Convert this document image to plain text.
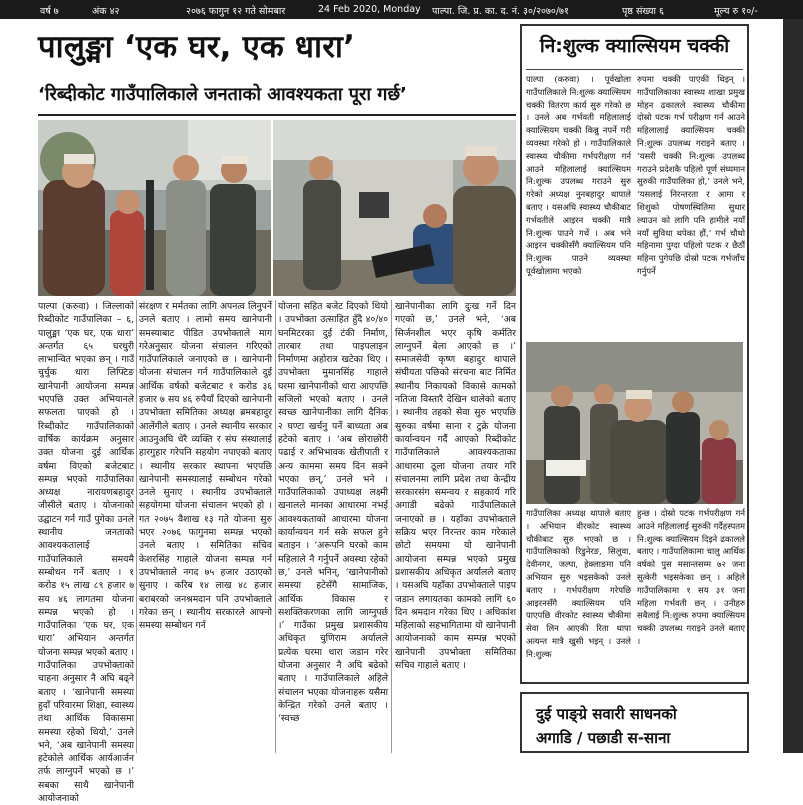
वर्ष ७	अंक ४२	२०७६ फागुन १२ गते सोमबार	24 Feb 2020, Monday पाल्पा. जि. प्र. का. द. नं. ३०/२०७०/७१	पृष्ठ संख्या ६	मूल्य रु १०/-
पालुङ्मा ‘एक घर, एक धारा’
‘रिब्दीकोट गाउँपालिकाले जनताको आवश्यकता पूरा गर्छ’
पाल्पा (करुवा) । जिल्लाको रिब्दीकोट गाउँपालिका – ६, पालुङ्मा ‘एक घर, एक धारा’ अन्तर्गत ६५ घरधुरी लाभान्वित भएका छन् । गाउँ चुर्चुक धारा लिफ्टिङ खानेपानी आयोजना सम्पन्न भएपछि उक्त अभियानले सफलता पाएको हो । रिब्दीकोट गाउँपालिकाको वार्षिक कार्यक्रम अनुसार उक्त योजना दुई आर्थिक वर्षमा विएको बजेटबाट सम्पन्न भएको गाउँपालिका अध्यक्ष नारायणबहादुर जीसीले बताए । योजनाको उद्घाटन गर्न गाउँ पुगेका उनले स्थानीय जनताको आवश्यकतालाई गाउँपालिकाले समयमै सम्बोधन गर्ने बताए । १ करोड १५ लाख ८९ हजार ७ सय ४६ लागतमा योजना सम्पन्न भएको हो । गाउँपालिका ‘एक घर, एक धारा’ अभियान अन्तर्गत योजना सम्पन्न भएको बताए । गाउँपालिका उपभोक्ताको चाहना अनुसार नै अघि बढ्ने बताए । ‘खानेपानी समस्या हुदाँ परिवारमा शिक्षा, स्वास्थ्य तथा आर्थिक विकासमा समस्या रहेको थियो,’ उनले भने, ‘अब खानेपानी समस्या हटेकोले आर्थिक आर्यआर्जन तर्फ लाग्नुपर्ने भएको छ ।’ सबका साथै खानेपानी आयोजनाको
संरक्षण र मर्मतका लागि अपनत्व लिनुपर्ने उनले बताए । लामो समय खानेपानी समस्याबाट पीडित उपभोक्ताले माग गरेअनुसार योजना संचालन गरिएको गाउँपालिकाले जनाएको छ । खानेपानी योजना संचालन गर्न गाउँपालिकाले दुई आर्थिक वर्षको बजेटबाट १ करोड ३६ हजार ७ सय ४६ रुपैयाँ दिएको खानेपानी उपभोक्ता समितिका अध्यक्ष ब्रमबहादुर आलेंगीले बताए । उनले स्थानीय सरकार आउनुअघि धेरै व्यक्ति र संघ संस्थालाई हारगुहार गरेपनि सहयोग नपाएको बताए । स्थानीय सरकार स्थापना भएपछि खानेपानी समस्यालाई सम्बोधन गरेको उनले सुनाए । स्थानीय उपभोक्ताले सहयोगमा योजना संचालन भएको हो । गत २०७५ वैशाख १३ गते योजना सुरु भएर २०७६ फागुनमा सम्पन्न भएको उनले बताए । समितिका सचिव केशरसिंह गाहाले योजना सम्पन्न गर्न उपभोक्ताले नगद ७५ हजार उठाएको सुनाए । करिब १४ लाख ४८ हजार बराबरको जनश्रमदान पनि उपभोक्ताले गरेका छन् । स्थानीय सरकारले आफ्नो समस्या सम्बोधन गर्न
योजना सहित बजेट दिएको थियो । उपभोक्ता उत्साहित हुँदै ४०/४० घनमिटरका दुई टंकी निर्माण, तारबार तथा पाइपलाइन निर्माणमा अहोरात्र खटेका थिए । उपभोक्ता मुमानसिंह गाहाले घरमा खानेपानीको धारा आएपछि सजिलो भएको बताए । उनले स्वच्छ खानेपानीका लागि दैनिक २ घण्टा खर्चनु पर्ने बाध्यता अब हटेको बताए । ‘अब छोराछोरी पढाई र अभिभावक खेतीपाती र अन्य काममा समय दिन सक्ने भएका छन्,’ उनले भने । गाउँपालिकाको उपाध्यक्ष लक्ष्मी खनालले मानका आधारमा नभई आवश्यकताको आधारमा योजना कार्यान्वयन गर्न सके सफल हुने बताइन । ‘अरूपनि घरको काम महिलाले नै गर्नुपर्ने अवस्था रहेको छ,’ उनले भनिन्, ‘खानेपानीको समस्या हटेसँगै सामाजिक, आर्थिक विकास र सशक्तिकरणका लागि जाग्नुपर्छ ।’ गाउँका प्रमुख प्रशासकीय अधिकृत चुणिराम अर्यालले प्रत्येक घरमा धारा जडान गरेर योजना अनुसार नै अघि बढेको बताए । गाउँपालिकाले अहिले संचालन भएका योजनाहरू यसैमा केन्द्रित गरेको उनले बताए । ‘स्वच्छ
खानेपानीका लागि दुःख गर्ने दिन गएको छ,’ उनले भने, ‘अब सिर्जनशील भएर कृषि कर्मतिर लाग्नुपर्ने बेला आएको छ ।’ समाजसेवी कृष्ण बहादुर थापाले संघीयता पछिको संरचना बाट निर्मित स्थानीय निकायको विकासे कामको नतिजा विस्तारै देखिन थालेको बताए । स्थानीय तहको सेवा सुरु भएपछि सुरुका वर्षमा साना र टुक्रे योजना कार्यान्वयन गर्दै आएको रिब्दीकोट गाउँपालिकाले आवश्यकताका आधारमा ठूला योजना तयार गरि संचालनमा लागि प्रदेश तथा केन्द्रीय सरकारसंग समन्वय र सहकार्य गरि अगाडी बढेको गाउँपालिकाले जनाएको छ । यहाँका उपभोक्ताले सक्रिय भएर निरन्तर काम गरेकाले छोटो समयमा यो खानेपानी आयोजना सम्पन्न भएको प्रमुख प्रशासकीय अधिकृत अर्यालले बताए । यसअघि यहाँका उपभोक्ताले पाइप जडान लगायतका कामको लागि ६० दिन श्रमदान गरेका थिए । अधिकांश महिलाको सहभागितामा यो खानेपानी आयोजनाको काम सम्पन्न भएको खानेपानी उपभोक्ता समितिका सचिव गाहाले बताए ।
नि:शुल्क क्याल्सियम चक्की
पाल्पा (करुवा) । पूर्वखोला गाउँपालिकाले नि:शुल्क क्याल्सियम चक्की वितरण कार्य सुरु गरेको छ । उनले अब गर्भवती महिलालाई क्याल्सियम चक्की किन्नु नपर्ने गरी व्यवस्था गरेको हो । गाउँपालिकाले स्वास्थ्य चौकीमा गर्भपरीक्षण गर्न आउने महिलालाई क्याल्सियम नि:शुल्क उपलब्ध गराउने सुरु गरेको अध्यक्ष नुनबहादुर थापाले बताए । यसअघि स्वास्थ्य चौकीबाट गर्भवतीले आइरन चक्की मात्रै नि:शुल्क पाउने गर्थे । अब भने आइरन चक्कीसँगै क्याल्सियम पनि नि:शुल्क पाउने व्यवस्था पूर्वखोलामा भएको
रुपमा चक्की पाएकी थिइन् । गाउँपालिकाका स्वास्थ्य शाखा प्रमुख मोहन ढकालले स्वास्थ्य चौकीमा दोस्रो पटक गर्भ परीक्षण गर्न आउने महिलालाई क्याल्सियम चक्की नि:शुल्क उपलब्ध गराइने बताए । ‘यसरी चक्की नि:शुल्क उपलब्ध गराउने प्रदेशकै पहिलो पूर्ण संघ्यमान सुरुकी गाउँपालिका हो,’ उनले भने, ‘यसलाई निरन्तरता र आमा र शिशुको पोषणस्थितिमा सुधार ल्याउन को लागि पनि हामीले नयाँ नयाँ सुविधा थपेका हौं,’ गर्भ चौथो महिनामा पुग्दा पहिलो पटक र छैठौं महिना पुगेपछि दोस्रो पटक गर्भजाँच गर्नुपर्ने
गाउँपालिका अध्यक्ष थापाले बताए । अभियान वीरकोट स्वास्थ्य चौकीबाट सुरु भएको छ । गाउँपालिकाको रिडुनेरङ, सिलुवा, देवीनगर, जल्पा, हेक्लाङमा पनि अभियान सुरु भइसकेको उनले बताए । गर्भपरीक्षण गरेपछि आइरनसँगै क्याल्सियम पनि पाएपछि वीरकोट स्वास्थ्य चौकीमा सेवा लिन आएकी रिता थापा अत्यन्त मात्रै खुसी भइन् । उनले नि:शुल्क
हुन्छ । दोस्रो पटक गर्भपरीक्षण गर्न आउने महिलालाई सुरुकी गर्दैहस्पतम नि:शुल्क क्याल्सियम दिइने ढकालले बताए । गाउँपालिकामा चालु आर्थिक वर्षको पुस मसान्तसम्म ७२ जना सुत्केरी भइसकेका छन् । अहिले गाउँपालिकामा १ सय ३१ जना महिला गर्भवती छन् । उनीहरु सबैलाई नि:शुल्क रुपमा क्याल्सियम चक्की उपलब्ध गराइने उनले बताए ।
दुई पाङ्ग्रे सवारी साधनको
अगाडि / पछाडी स-साना
